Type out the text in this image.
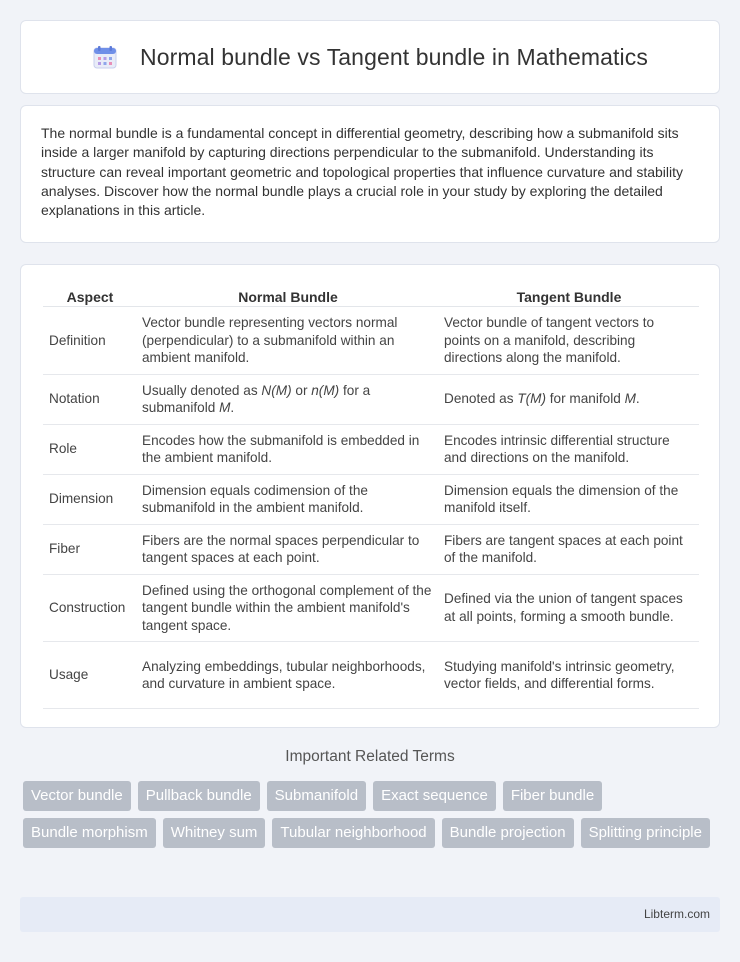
Normal bundle vs Tangent bundle in Mathematics

The normal bundle is a fundamental concept in differential geometry, describing how a submanifold sits inside a larger manifold by capturing directions perpendicular to the submanifold. Understanding its structure can reveal important geometric and topological properties that influence curvature and stability analyses. Discover how the normal bundle plays a crucial role in your study by exploring the detailed explanations in this article.

Aspect	Normal Bundle	Tangent Bundle
Definition	Vector bundle representing vectors normal (perpendicular) to a submanifold within an ambient manifold.	Vector bundle of tangent vectors to points on a manifold, describing directions along the manifold.
Notation	Usually denoted as N(M) or n(M) for a submanifold M.	Denoted as T(M) for manifold M.
Role	Encodes how the submanifold is embedded in the ambient manifold.	Encodes intrinsic differential structure and directions on the manifold.
Dimension	Dimension equals codimension of the submanifold in the ambient manifold.	Dimension equals the dimension of the manifold itself.
Fiber	Fibers are the normal spaces perpendicular to tangent spaces at each point.	Fibers are tangent spaces at each point of the manifold.
Construction	Defined using the orthogonal complement of the tangent bundle within the ambient manifold's tangent space.	Defined via the union of tangent spaces at all points, forming a smooth bundle.
Usage	Analyzing embeddings, tubular neighborhoods, and curvature in ambient space.	Studying manifold's intrinsic geometry, vector fields, and differential forms.
Important Related Terms
Vector bundle	Pullback bundle	Submanifold	Exact sequence	Fiber bundle
Bundle morphism	Whitney sum	Tubular neighborhood	Bundle projection	Splitting principle
Libterm.com
